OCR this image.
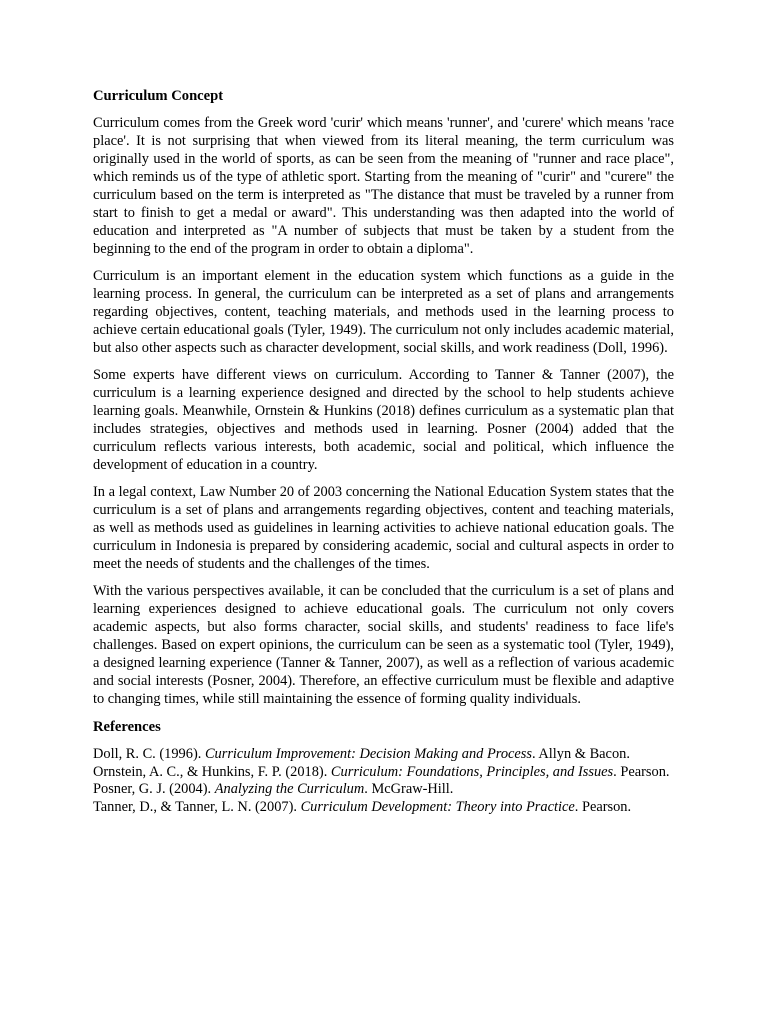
Curriculum Concept

Curriculum comes from the Greek word 'curir' which means 'runner', and 'curere' which means 'race place'. It is not surprising that when viewed from its literal meaning, the term curriculum was originally used in the world of sports, as can be seen from the meaning of "runner and race place", which reminds us of the type of athletic sport. Starting from the meaning of "curir" and "curere" the curriculum based on the term is interpreted as "The distance that must be traveled by a runner from start to finish to get a medal or award". This understanding was then adapted into the world of education and interpreted as "A number of subjects that must be taken by a student from the beginning to the end of the program in order to obtain a diploma".

Curriculum is an important element in the education system which functions as a guide in the learning process. In general, the curriculum can be interpreted as a set of plans and arrangements regarding objectives, content, teaching materials, and methods used in the learning process to achieve certain educational goals (Tyler, 1949). The curriculum not only includes academic material, but also other aspects such as character development, social skills, and work readiness (Doll, 1996).

Some experts have different views on curriculum. According to Tanner & Tanner (2007), the curriculum is a learning experience designed and directed by the school to help students achieve learning goals. Meanwhile, Ornstein & Hunkins (2018) defines curriculum as a systematic plan that includes strategies, objectives and methods used in learning. Posner (2004) added that the curriculum reflects various interests, both academic, social and political, which influence the development of education in a country.

In a legal context, Law Number 20 of 2003 concerning the National Education System states that the curriculum is a set of plans and arrangements regarding objectives, content and teaching materials, as well as methods used as guidelines in learning activities to achieve national education goals. The curriculum in Indonesia is prepared by considering academic, social and cultural aspects in order to meet the needs of students and the challenges of the times.

With the various perspectives available, it can be concluded that the curriculum is a set of plans and learning experiences designed to achieve educational goals. The curriculum not only covers academic aspects, but also forms character, social skills, and students' readiness to face life's challenges. Based on expert opinions, the curriculum can be seen as a systematic tool (Tyler, 1949), a designed learning experience (Tanner & Tanner, 2007), as well as a reflection of various academic and social interests (Posner, 2004). Therefore, an effective curriculum must be flexible and adaptive to changing times, while still maintaining the essence of forming quality individuals.

References

Doll, R. C. (1996). Curriculum Improvement: Decision Making and Process. Allyn & Bacon.

Ornstein, A. C., & Hunkins, F. P. (2018). Curriculum: Foundations, Principles, and Issues. Pearson.

Posner, G. J. (2004). Analyzing the Curriculum. McGraw-Hill.

Tanner, D., & Tanner, L. N. (2007). Curriculum Development: Theory into Practice. Pearson.
